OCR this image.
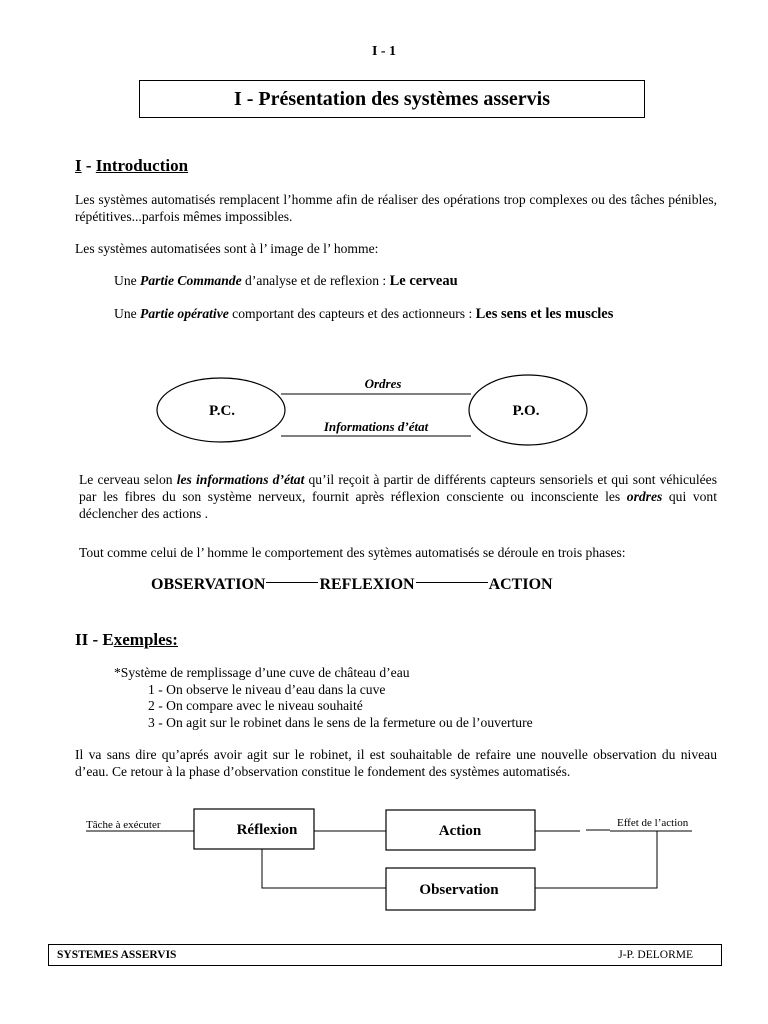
I - 1
I - Présentation des systèmes asservis
I - Introduction
Les systèmes automatisés remplacent l’homme afin de réaliser des opérations trop complexes ou des tâches pénibles, répétitives...parfois mêmes impossibles.
Les systèmes automatisées sont à l’ image de l’ homme:
Une Partie Commande d’analyse et de reflexion : Le cerveau
Une Partie opérative comportant des capteurs et des actionneurs : Les sens et les muscles
Ordres
Informations d’état
P.C.	P.O.
Le cerveau selon les informations d’état qu’il reçoit à partir de différents capteurs sensoriels et qui sont véhiculées par les fibres du son système nerveux, fournit après réflexion consciente ou inconsciente les ordres qui vont déclencher des actions .
Tout comme celui de l’ homme le comportement des sytèmes automatisés se déroule en trois phases:
OBSERVATION	REFLEXION	ACTION
II - Exemples:
*Système de remplissage d’une cuve de château d’eau
1 - On observe le niveau d’eau dans la cuve
2 - On compare avec le niveau souhaité
3 - On agit sur le robinet dans le sens de la fermeture ou de l’ouverture
Il va sans dire qu’aprés avoir agit sur le robinet, il est souhaitable de refaire une nouvelle observation du niveau d’eau. Ce retour à la phase d’observation constitue le fondement des systèmes automatisés.
Tâche à exécuter	Effet de l’action
Réflexion	Action
Observation
SYSTEMES ASSERVIS	J-P. DELORME
